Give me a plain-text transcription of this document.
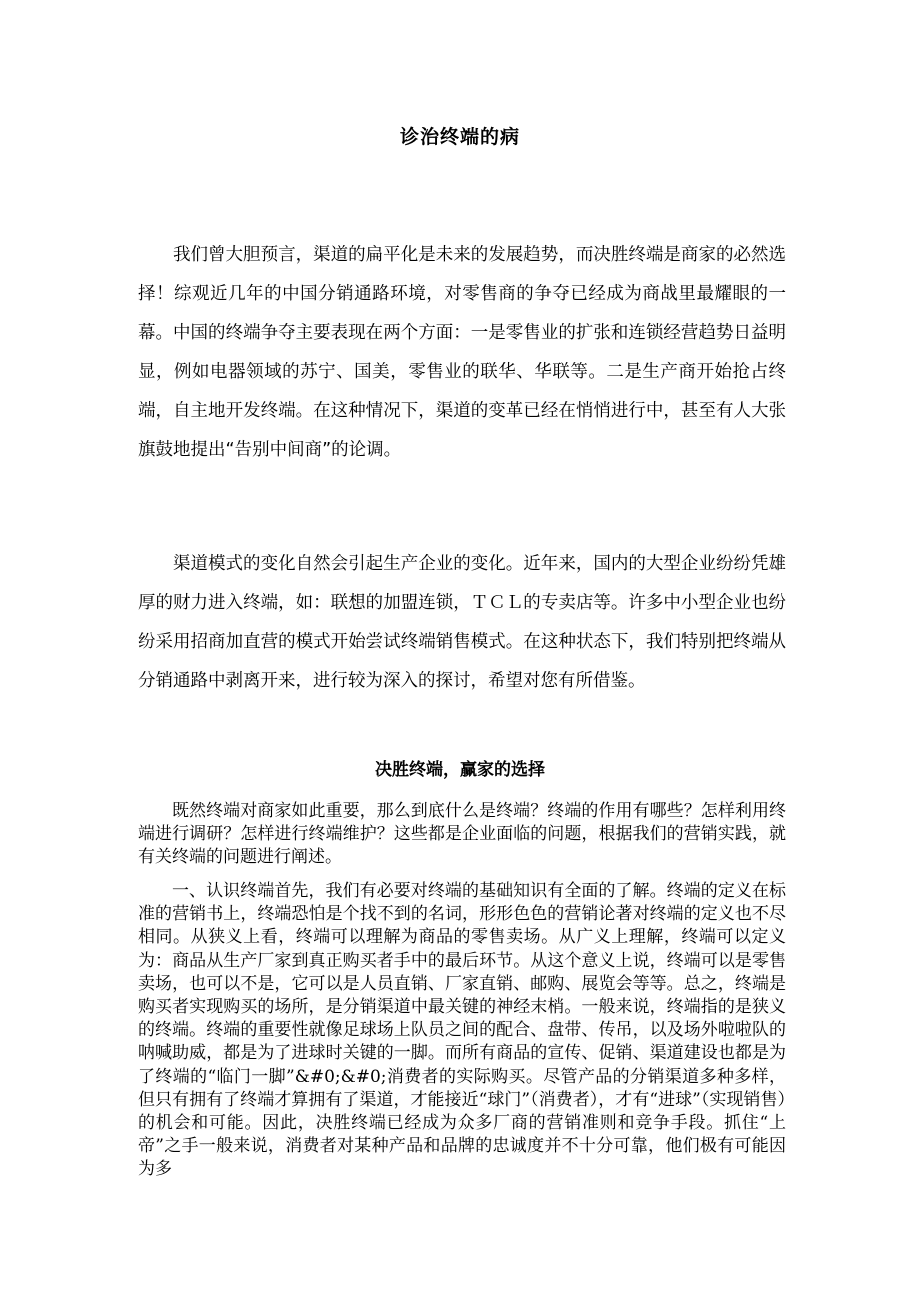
诊治终端的病

我们曾大胆预言，渠道的扁平化是未来的发展趋势，而决胜终端是商家的必然选择！综观近几年的中国分销通路环境，对零售商的争夺已经成为商战里最耀眼的一幕。中国的终端争夺主要表现在两个方面：一是零售业的扩张和连锁经营趋势日益明显，例如电器领域的苏宁、国美，零售业的联华、华联等。二是生产商开始抢占终端，自主地开发终端。在这种情况下，渠道的变革已经在悄悄进行中，甚至有人大张旗鼓地提出“告别中间商”的论调。

渠道模式的变化自然会引起生产企业的变化。近年来，国内的大型企业纷纷凭雄厚的财力进入终端，如：联想的加盟连锁，ＴＣＬ的专卖店等。许多中小型企业也纷纷采用招商加直营的模式开始尝试终端销售模式。在这种状态下，我们特别把终端从分销通路中剥离开来，进行较为深入的探讨，希望对您有所借鉴。

决胜终端，赢家的选择

既然终端对商家如此重要，那么到底什么是终端？终端的作用有哪些？怎样利用终端进行调研？怎样进行终端维护？这些都是企业面临的问题，根据我们的营销实践，就有关终端的问题进行阐述。

一、认识终端首先，我们有必要对终端的基础知识有全面的了解。终端的定义在标准的营销书上，终端恐怕是个找不到的名词，形形色色的营销论著对终端的定义也不尽相同。从狭义上看，终端可以理解为商品的零售卖场。从广义上理解，终端可以定义为：商品从生产厂家到真正购买者手中的最后环节。从这个意义上说，终端可以是零售卖场，也可以不是，它可以是人员直销、厂家直销、邮购、展览会等等。总之，终端是购买者实现购买的场所，是分销渠道中最关键的神经末梢。一般来说，终端指的是狭义的终端。终端的重要性就像足球场上队员之间的配合、盘带、传吊，以及场外啦啦队的呐喊助威，都是为了进球时关键的一脚。而所有商品的宣传、促销、渠道建设也都是为了终端的“临门一脚”&#0;&#0;消费者的实际购买。尽管产品的分销渠道多种多样，但只有拥有了终端才算拥有了渠道，才能接近“球门”（消费者），才有“进球”（实现销售）的机会和可能。因此，决胜终端已经成为众多厂商的营销准则和竞争手段。抓住“上帝”之手一般来说，消费者对某种产品和品牌的忠诚度并不十分可靠，他们极有可能因为多
